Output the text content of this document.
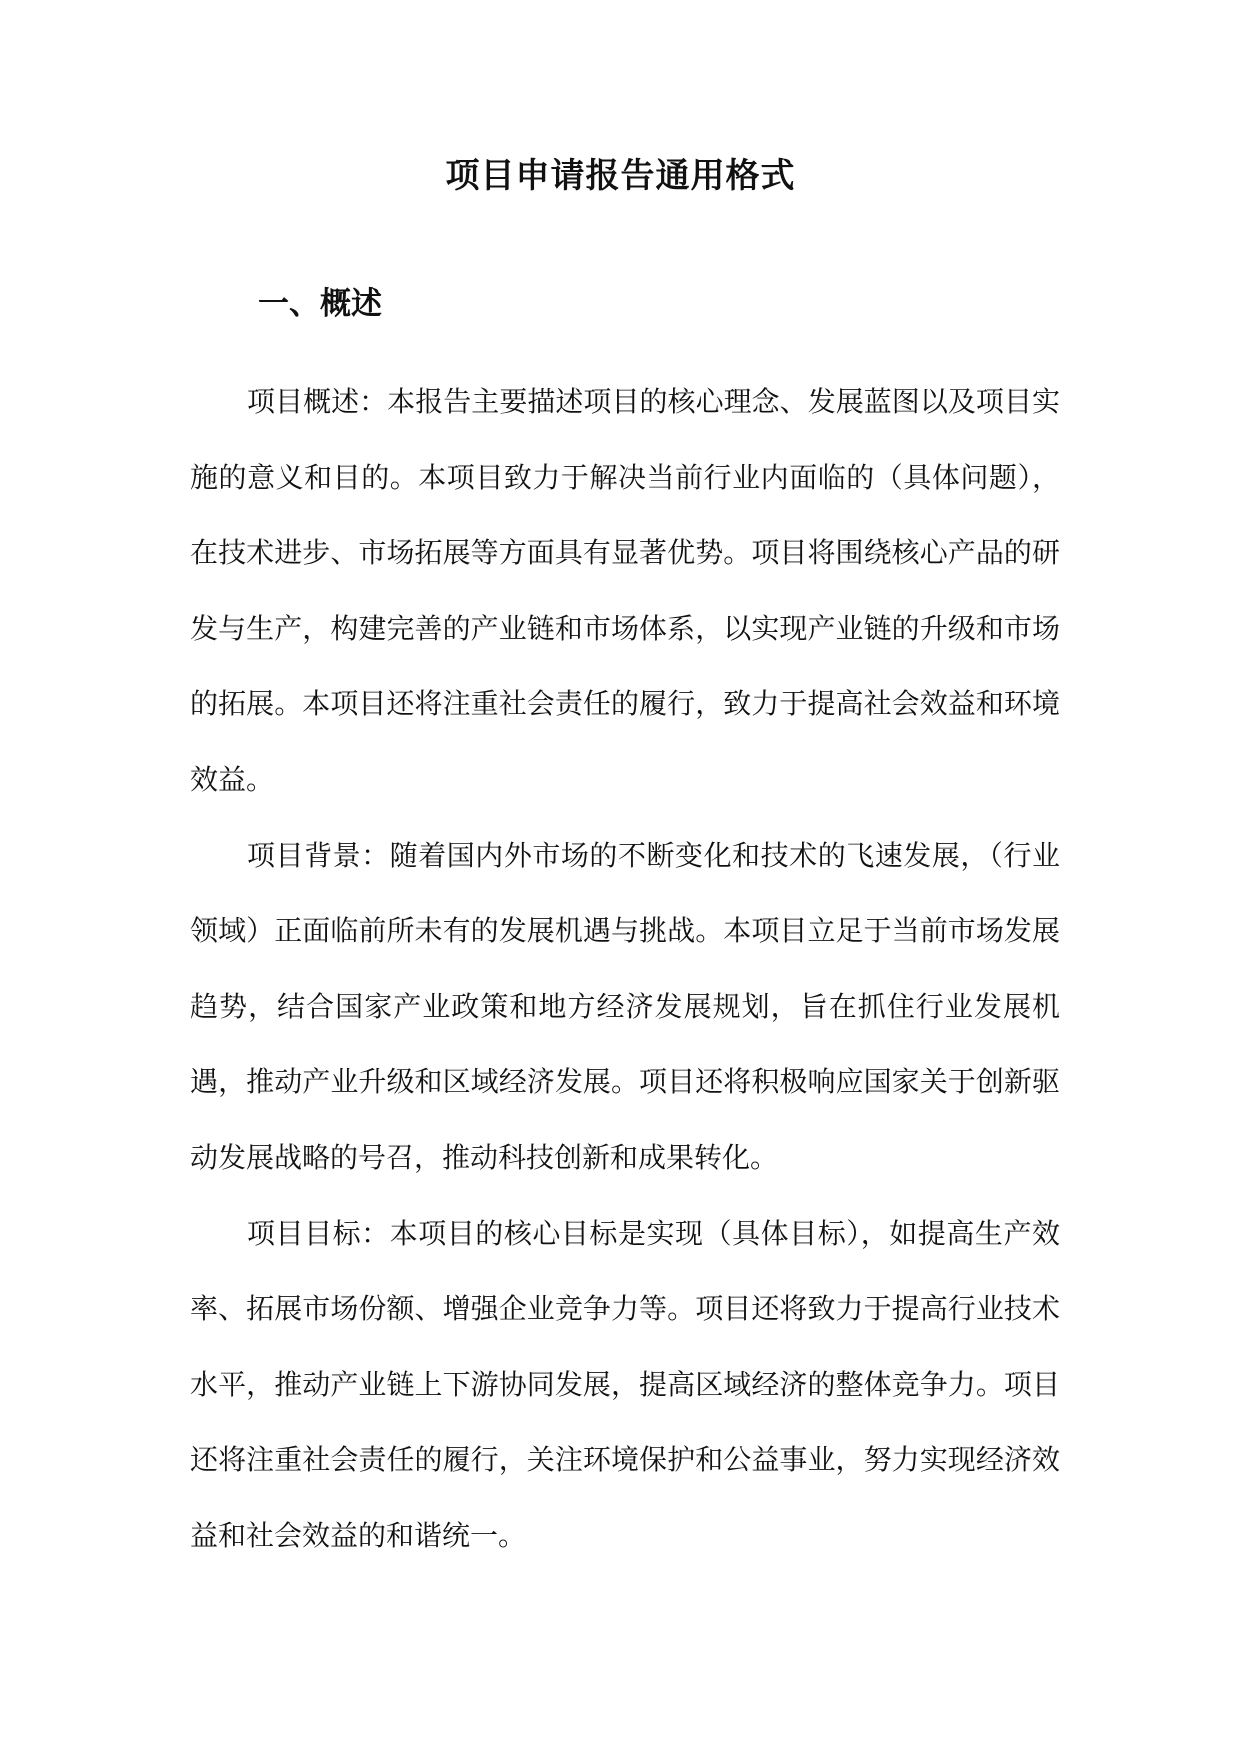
项目申请报告通用格式
一、概述

项目概述：本报告主要描述项目的核心理念、发展蓝图以及项目实施的意义和目的。本项目致力于解决当前行业内面临的（具体问题），在技术进步、市场拓展等方面具有显著优势。项目将围绕核心产品的研发与生产，构建完善的产业链和市场体系，以实现产业链的升级和市场的拓展。本项目还将注重社会责任的履行，致力于提高社会效益和环境效益。

项目背景：随着国内外市场的不断变化和技术的飞速发展，（行业领域）正面临前所未有的发展机遇与挑战。本项目立足于当前市场发展趋势，结合国家产业政策和地方经济发展规划，旨在抓住行业发展机遇，推动产业升级和区域经济发展。项目还将积极响应国家关于创新驱动发展战略的号召，推动科技创新和成果转化。

项目目标：本项目的核心目标是实现（具体目标），如提高生产效率、拓展市场份额、增强企业竞争力等。项目还将致力于提高行业技术水平，推动产业链上下游协同发展，提高区域经济的整体竞争力。项目还将注重社会责任的履行，关注环境保护和公益事业，努力实现经济效益和社会效益的和谐统一。
